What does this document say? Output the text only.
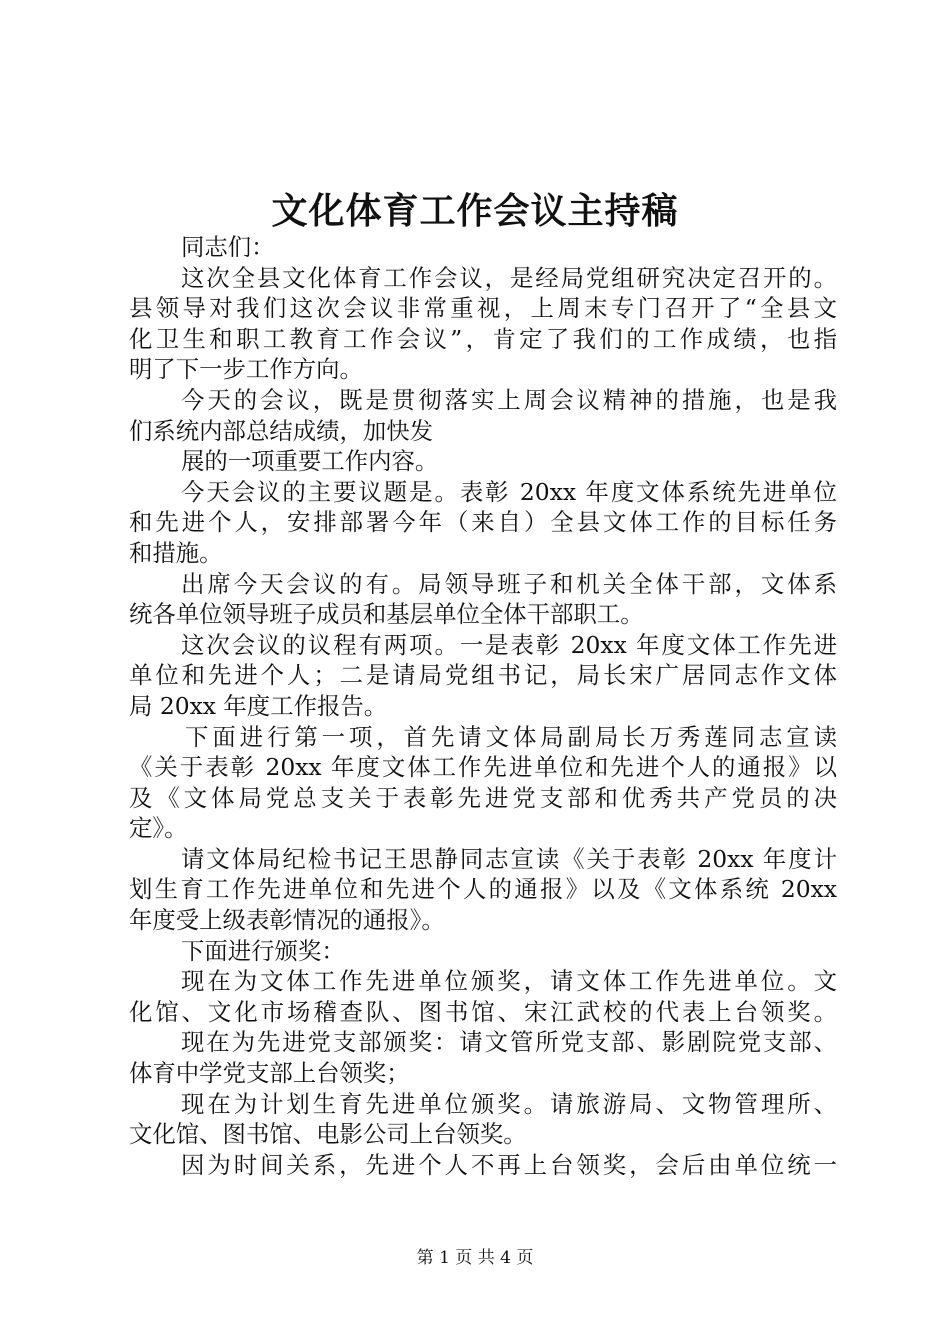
文化体育工作会议主持稿
同志们：
这次全县文化体育工作会议，是经局党组研究决定召开的。
县领导对我们这次会议非常重视，上周末专门召开了“全县文
化卫生和职工教育工作会议”，肯定了我们的工作成绩，也指
明了下一步工作方向。
今天的会议，既是贯彻落实上周会议精神的措施，也是我
们系统内部总结成绩，加快发
展的一项重要工作内容。
今天会议的主要议题是。表彰 20xx 年度文体系统先进单位
和先进个人，安排部署今年（来自）全县文体工作的目标任务
和措施。
出席今天会议的有。局领导班子和机关全体干部，文体系
统各单位领导班子成员和基层单位全体干部职工。
这次会议的议程有两项。一是表彰 20xx 年度文体工作先进
单位和先进个人；二是请局党组书记，局长宋广居同志作文体
局 20xx 年度工作报告。
下面进行第一项，首先请文体局副局长万秀莲同志宣读
《关于表彰 20xx 年度文体工作先进单位和先进个人的通报》以
及《文体局党总支关于表彰先进党支部和优秀共产党员的决
定》。
请文体局纪检书记王思静同志宣读《关于表彰 20xx 年度计
划生育工作先进单位和先进个人的通报》以及《文体系统 20xx
年度受上级表彰情况的通报》。
下面进行颁奖：
现在为文体工作先进单位颁奖，请文体工作先进单位。文
化馆、文化市场稽查队、图书馆、宋江武校的代表上台领奖。
现在为先进党支部颁奖：请文管所党支部、影剧院党支部、
体育中学党支部上台领奖；
现在为计划生育先进单位颁奖。请旅游局、文物管理所、
文化馆、图书馆、电影公司上台领奖。
因为时间关系，先进个人不再上台领奖，会后由单位统一
第 1 页 共 4 页
